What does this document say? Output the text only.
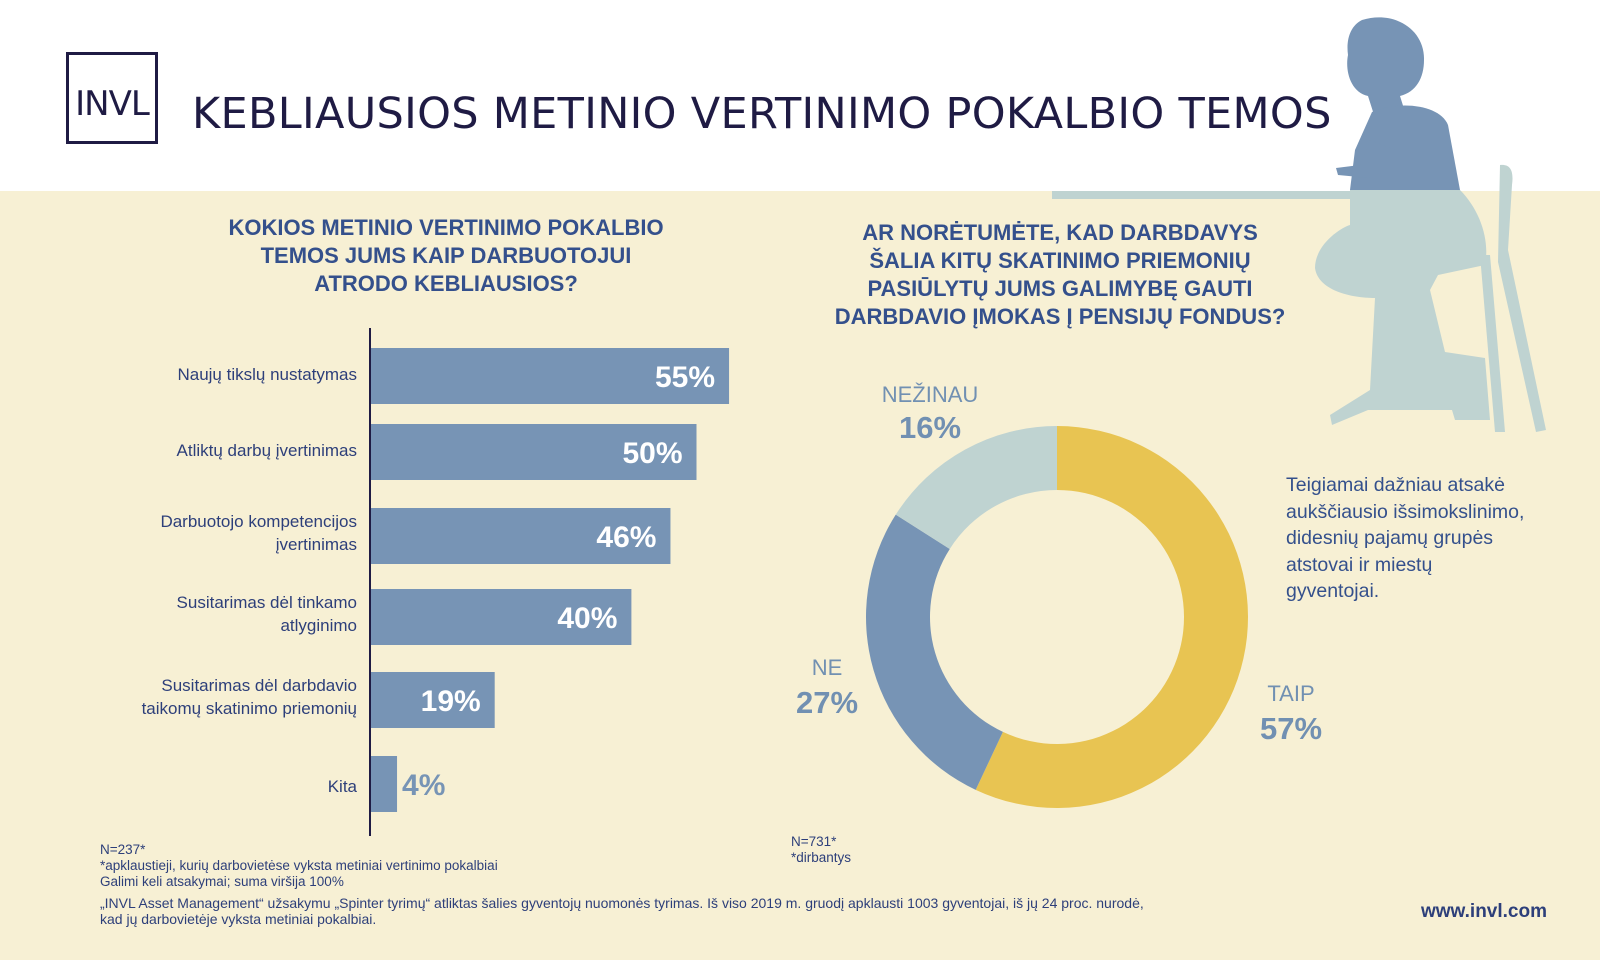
55%
50%
46%
40%
19%
4%
INVL KEBLIAUSIOS METINIO VERTINIMO POKALBIO TEMOS
KOKIOS METINIO VERTINIMO POKALBIO
TEMOS JUMS KAIP DARBUOTOJUI
ATRODO KEBLIAUSIOS?
AR NORĖTUMĖTE, KAD DARBDAVYS
ŠALIA KITŲ SKATINIMO PRIEMONIŲ
PASIŪLYTŲ JUMS GALIMYBĘ GAUTI
DARBDAVIO ĮMOKAS Į PENSIJŲ FONDUS?
Naujų tikslų nustatymas
Atliktų darbų įvertinimas
Darbuotojo kompetencijos
įvertinimas
Susitarimas dėl tinkamo
atlyginimo
Susitarimas dėl darbdavio
taikomų skatinimo priemonių
Kita
NEŽINAU
16%
NE
27%	TAIP
57%
Teigiamai dažniau atsakė
aukščiausio išsimokslinimo,
didesnių pajamų grupės
atstovai ir miestų
gyventojai.
N=237*
*apklaustieji, kurių darbovietėse vyksta metiniai vertinimo pokalbiai
Galimi keli atsakymai; suma viršija 100%
N=731*
*dirbantys
„INVL Asset Management“ užsakymu „Spinter tyrimų“ atliktas šalies gyventojų nuomonės tyrimas. Iš viso 2019 m. gruodį apklausti 1003 gyventojai, iš jų 24 proc. nurodė,
kad jų darbovietėje vyksta metiniai pokalbiai.	www.invl.com
